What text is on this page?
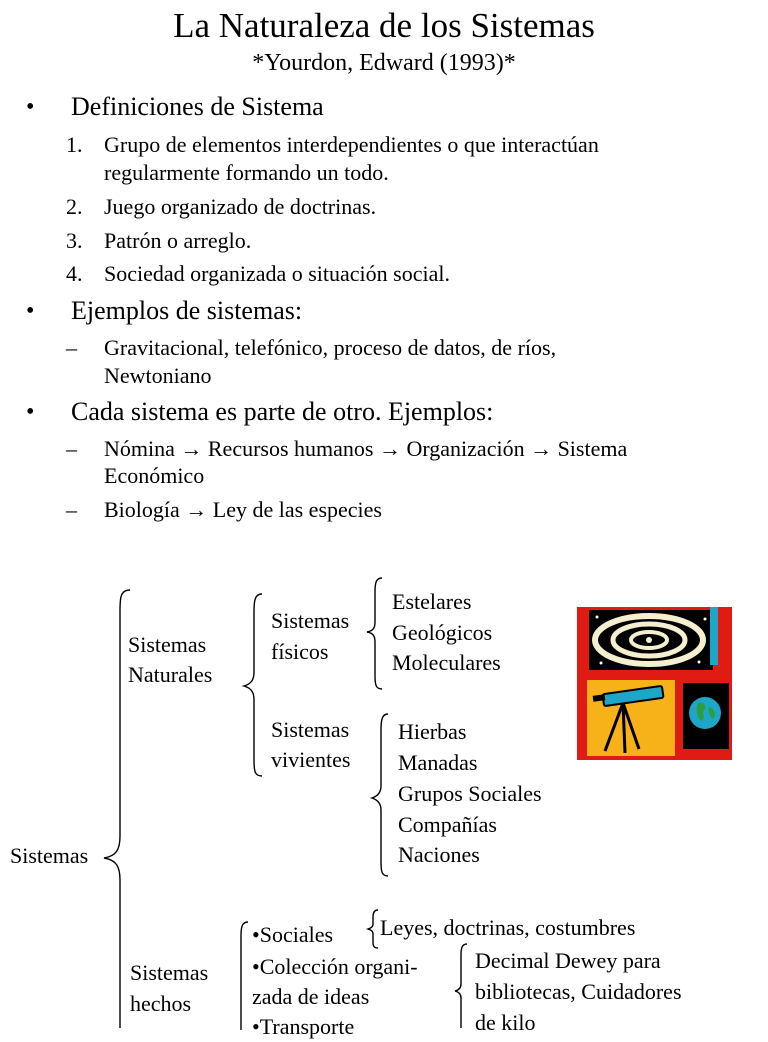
La Naturaleza de los Sistemas
*Yourdon, Edward (1993)*
• Definiciones de Sistema
1. Grupo de elementos interdependientes o que interactúan
regularmente formando un todo.
2. Juego organizado de doctrinas.
3. Patrón o arreglo.
4. Sociedad organizada o situación social.
• Ejemplos de sistemas:
– Gravitacional, telefónico, proceso de datos, de ríos,
Newtoniano
• Cada sistema es parte de otro. Ejemplos:
– Nómina → Recursos humanos → Organización → Sistema
Económico
– Biología → Ley de las especies
Sistemas
Sistemas
Naturales
Sistemas
físicos
Estelares
Geológicos
Moleculares
Sistemas
vivientes
Hierbas
Manadas
Grupos Sociales
Compañías
Naciones
Sistemas
hechos
•Sociales Leyes, doctrinas, costumbres
•Colección organi-
zada de ideas
•Transporte
Decimal Dewey para
bibliotecas, Cuidadores
de kilo
